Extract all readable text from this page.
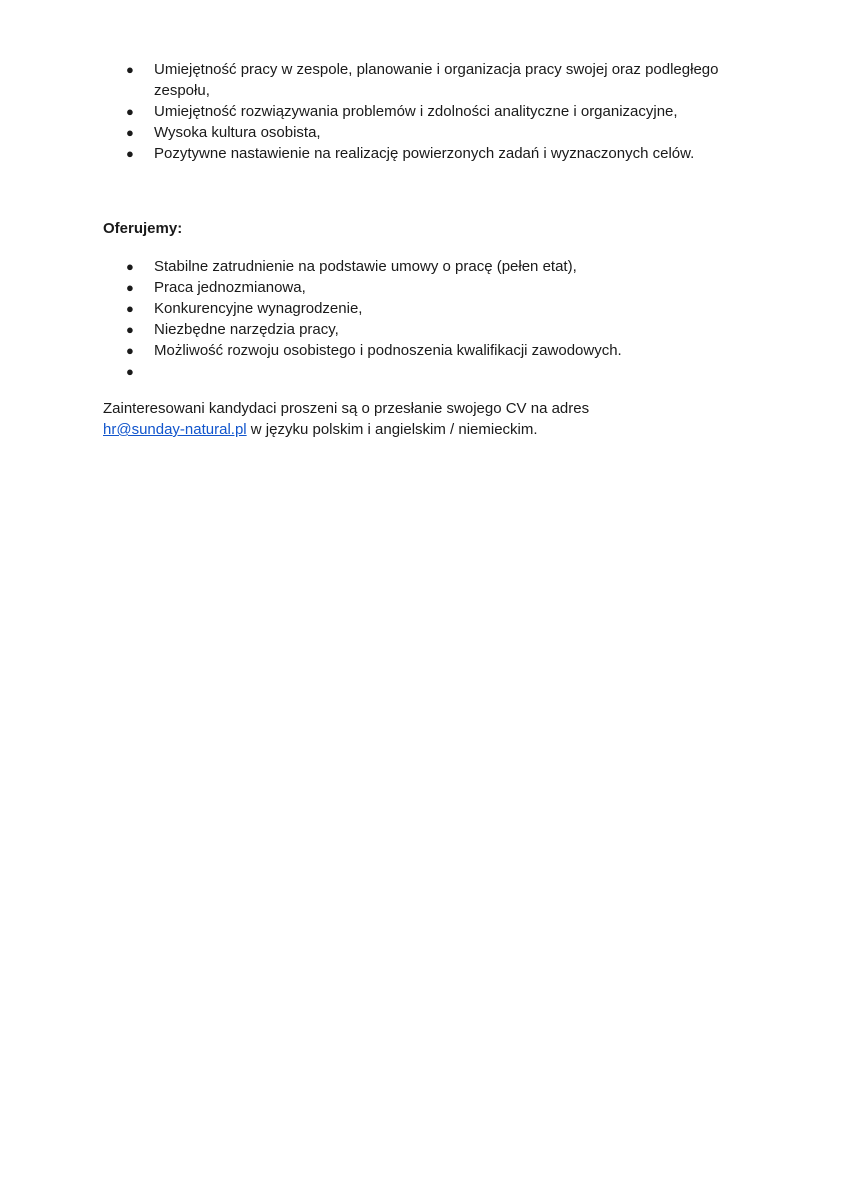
● Umiejętność pracy w zespole, planowanie i organizacja pracy swojej oraz podległego zespołu,
● Umiejętność rozwiązywania problemów i zdolności analityczne i organizacyjne,
● Wysoka kultura osobista,
● Pozytywne nastawienie na realizację powierzonych zadań i wyznaczonych celów.
Oferujemy:
● Stabilne zatrudnienie na podstawie umowy o pracę (pełen etat),
● Praca jednozmianowa,
● Konkurencyjne wynagrodzenie,
● Niezbędne narzędzia pracy,
● Możliwość rozwoju osobistego i podnoszenia kwalifikacji zawodowych.
●

Zainteresowani kandydaci proszeni są o przesłanie swojego CV na adres
hr@sunday-natural.pl w języku polskim i angielskim / niemieckim.
